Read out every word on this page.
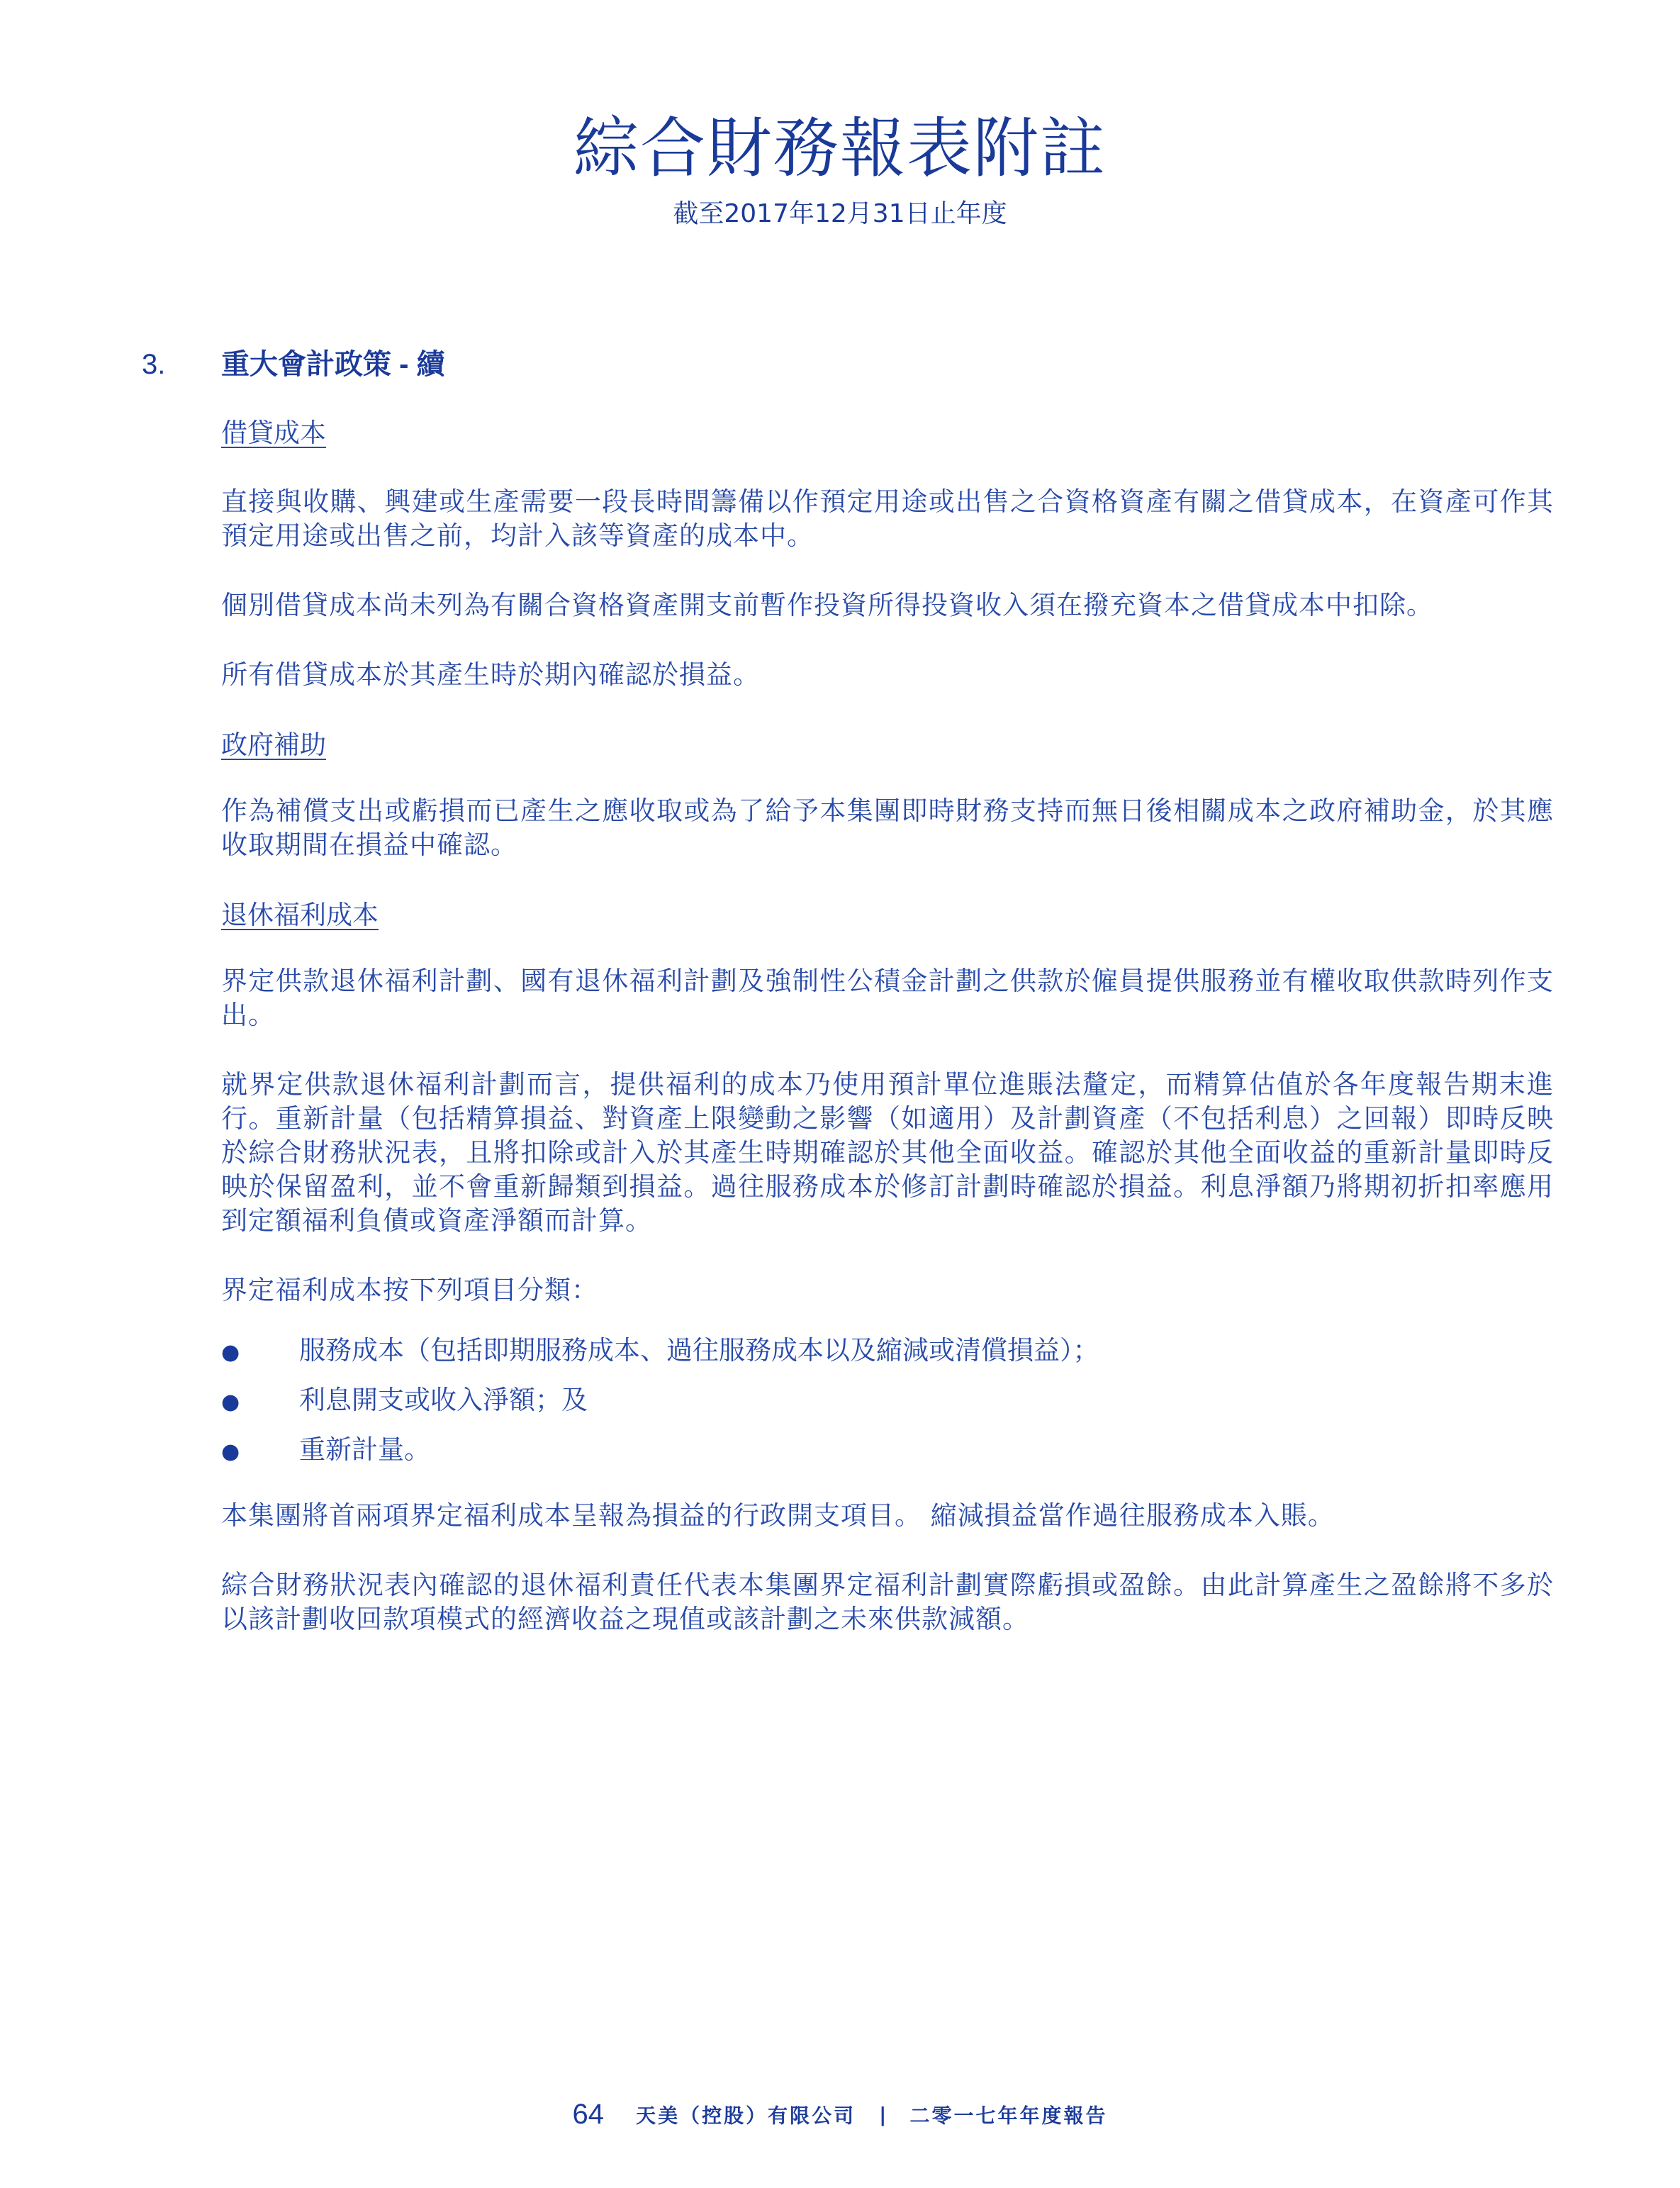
綜合財務報表附註
截至2017年12月31日止年度
3.	重大會計政策 - 續

借貸成本

直接與收購、興建或生產需要一段長時間籌備以作預定用途或出售之合資格資產有關之借貸成本，在資產可作其預定用途或出售之前，均計入該等資產的成本中。

個別借貸成本尚未列為有關合資格資產開支前暫作投資所得投資收入須在撥充資本之借貸成本中扣除。

所有借貸成本於其產生時於期內確認於損益。

政府補助

作為補償支出或虧損而已產生之應收取或為了給予本集團即時財務支持而無日後相關成本之政府補助金，於其應收取期間在損益中確認。

退休福利成本

界定供款退休福利計劃、國有退休福利計劃及強制性公積金計劃之供款於僱員提供服務並有權收取供款時列作支出。

就界定供款退休福利計劃而言，提供福利的成本乃使用預計單位進賬法釐定，而精算估值於各年度報告期末進行。重新計量（包括精算損益、對資產上限變動之影響（如適用）及計劃資產（不包括利息）之回報）即時反映於綜合財務狀況表，且將扣除或計入於其產生時期確認於其他全面收益。確認於其他全面收益的重新計量即時反映於保留盈利，並不會重新歸類到損益。過往服務成本於修訂計劃時確認於損益。利息淨額乃將期初折扣率應用到定額福利負債或資產淨額而計算。

界定福利成本按下列項目分類：

●	服務成本（包括即期服務成本、過往服務成本以及縮減或清償損益）；
●	利息開支或收入淨額；及
●	重新計量。

本集團將首兩項界定福利成本呈報為損益的行政開支項目。 縮減損益當作過往服務成本入賬。

綜合財務狀況表內確認的退休福利責任代表本集團界定福利計劃實際虧損或盈餘。由此計算產生之盈餘將不多於以該計劃收回款項模式的經濟收益之現值或該計劃之未來供款減額。

64 天美（控股）有限公司 | 二零一七年年度報告
